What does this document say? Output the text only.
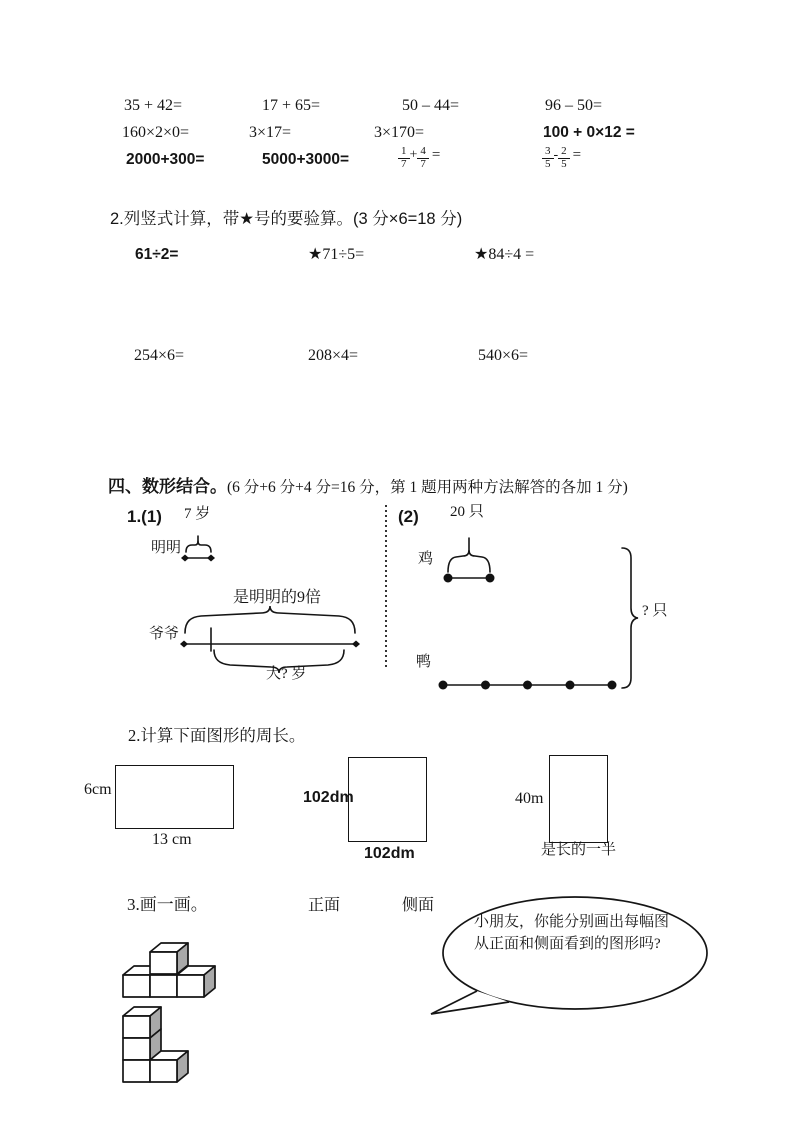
35 + 42=	17 + 65=	50 – 44=	96 – 50=
160×2×0=	3×17=	3×170=	100 + 0×12 =
2000+300=	5000+3000=	$\frac{1}{7} + \frac{4}{7}$ =	$\frac{3}{5} - \frac{2}{5}$ =
2.列竖式计算，带★号的要验算。(3 分×6=18 分)
61÷2=	★71÷5=	★84÷4 =
254×6=	208×4=	540×6=
四、数形结合。(6 分+6 分+4 分=16 分，第 1 题用两种方法解答的各加 1 分)
1.(1) 7 岁
明明
是明明的9倍
爷爷
大? 岁
(2) 20 只
鸡
? 只
鸭
2.计算下面图形的周长。
6cm
13 cm
102dm
102dm
40m
是长的一半
3.画一画。	正面	侧面
小朋友，你能分别画出每幅图
从正面和侧面看到的图形吗?
